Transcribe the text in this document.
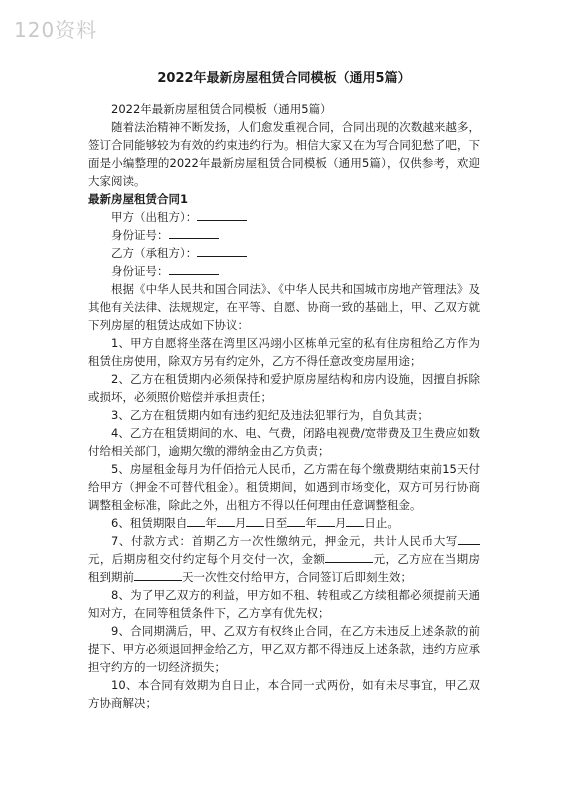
120资料
2022年最新房屋租赁合同模板（通用5篇）

2022年最新房屋租赁合同模板（通用5篇）

随着法治精神不断发扬，人们愈发重视合同，合同出现的次数越来越多，签订合同能够较为有效的约束违约行为。相信大家又在为写合同犯愁了吧，下面是小编整理的2022年最新房屋租赁合同模板（通用5篇），仅供参考，欢迎大家阅读。

最新房屋租赁合同1

甲方（出租方）：

身份证号：

乙方（承租方）：

身份证号：

根据《中华人民共和国合同法》、《中华人民共和国城市房地产管理法》及其他有关法律、法规规定，在平等、自愿、协商一致的基础上，甲、乙双方就下列房屋的租赁达成如下协议：

1、甲方自愿将坐落在湾里区冯翊小区栋单元室的私有住房租给乙方作为租赁住房使用，除双方另有约定外，乙方不得任意改变房屋用途；

2、乙方在租赁期内必须保持和爱护原房屋结构和房内设施，因擅自拆除或损坏，必须照价赔偿并承担责任；

3、乙方在租赁期内如有违约犯纪及违法犯罪行为，自负其责；

4、乙方在租赁期间的水、电、气费，闭路电视费/宽带费及卫生费应如数付给相关部门，逾期欠缴的滞纳金由乙方负责；

5、房屋租金每月为仟佰拾元人民币，乙方需在每个缴费期结束前15天付给甲方（押金不可替代租金）。租赁期间，如遇到市场变化，双方可另行协商调整租金标准，除此之外，出租方不得以任何理由任意调整租金。

6、租赁期限自 年 月 日至 年 月 日止。

7、付款方式：首期乙方一次性缴纳元，押金元，共计人民币大写元，后期房租交付约定每个月交付一次，金额	元，乙方应在当期房租到期前	天一次性交付给甲方，合同签订后即刻生效；

8、为了甲乙双方的利益，甲方如不租、转租或乙方续租都必须提前天通知对方，在同等租赁条件下，乙方享有优先权；

9、合同期满后，甲、乙双方有权终止合同，在乙方未违反上述条款的前提下、甲方必须退回押金给乙方，甲乙双方都不得违反上述条款，违约方应承担守约方的一切经济损失；

10、本合同有效期为自日止，本合同一式两份，如有未尽事宜，甲乙双方协商解决；
